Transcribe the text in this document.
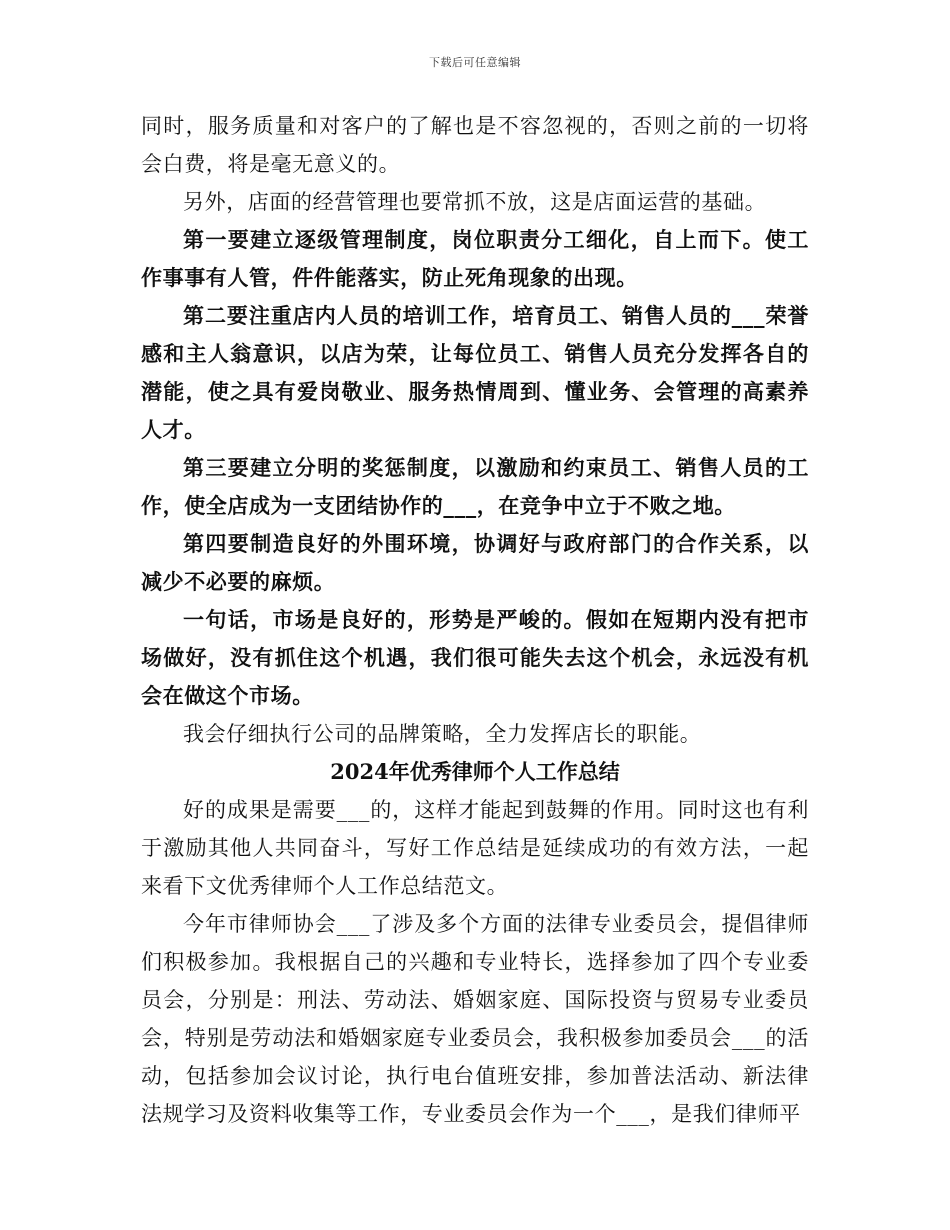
下载后可任意编辑

同时，服务质量和对客户的了解也是不容忽视的，否则之前的一切将会白费，将是毫无意义的。

另外，店面的经营管理也要常抓不放，这是店面运营的基础。

第一要建立逐级管理制度，岗位职责分工细化，自上而下。使工作事事有人管，件件能落实，防止死角现象的出现。

第二要注重店内人员的培训工作，培育员工、销售人员的___荣誉感和主人翁意识，以店为荣，让每位员工、销售人员充分发挥各自的潜能，使之具有爱岗敬业、服务热情周到、懂业务、会管理的高素养人才。

第三要建立分明的奖惩制度，以激励和约束员工、销售人员的工作，使全店成为一支团结协作的___，在竞争中立于不败之地。

第四要制造良好的外围环境，协调好与政府部门的合作关系，以减少不必要的麻烦。

一句话，市场是良好的，形势是严峻的。假如在短期内没有把市场做好，没有抓住这个机遇，我们很可能失去这个机会，永远没有机会在做这个市场。

我会仔细执行公司的品牌策略，全力发挥店长的职能。

2024年优秀律师个人工作总结

好的成果是需要___的，这样才能起到鼓舞的作用。同时这也有利于激励其他人共同奋斗，写好工作总结是延续成功的有效方法，一起来看下文优秀律师个人工作总结范文。

今年市律师协会___了涉及多个方面的法律专业委员会，提倡律师们积极参加。我根据自己的兴趣和专业特长，选择参加了四个专业委员会，分别是：刑法、劳动法、婚姻家庭、国际投资与贸易专业委员会，特别是劳动法和婚姻家庭专业委员会，我积极参加委员会___的活动，包括参加会议讨论，执行电台值班安排，参加普法活动、新法律法规学习及资料收集等工作，专业委员会作为一个___，是我们律师平
